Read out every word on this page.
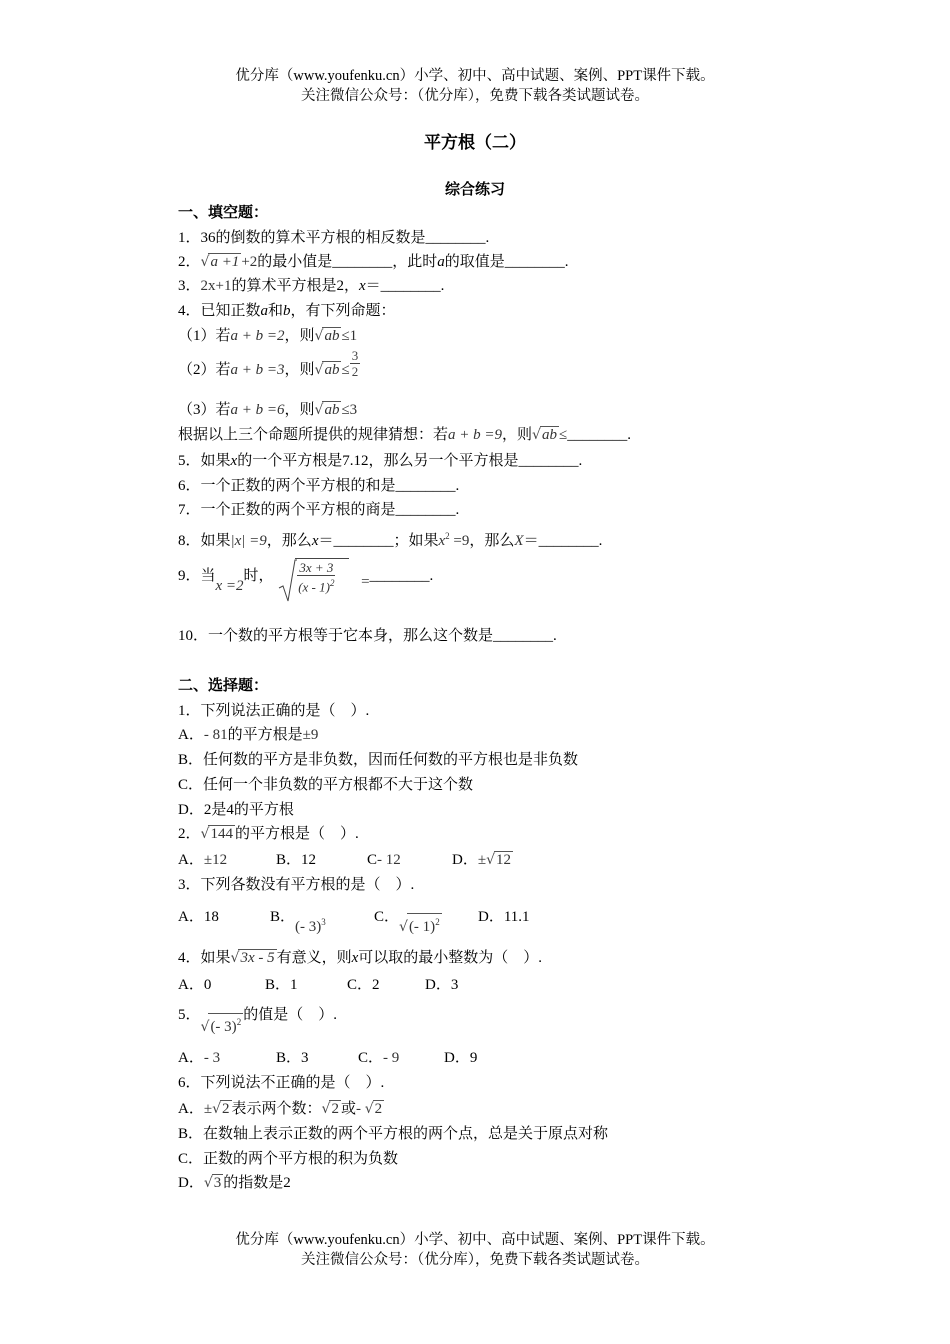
优分库（www.youfenku.cn）小学、初中、高中试题、案例、PPT课件下载。
关注微信公众号：（优分库），免费下载各类试题试卷。
平方根（二）
综合练习
一、填空题：
1．36的倒数的算术平方根的相反数是________.
2．√a +1 +2的最小值是________，此时a的取值是________.
3．2x+1的算术平方根是2，x＝________.
4．已知正数a和b，有下列命题：
（1）若a + b =2，则√ab ≤1
（2）若a + b =3，则$√ab \le \frac{3}{2}$
（3）若a + b =6，则√ab ≤3
根据以上三个命题所提供的规律猜想：若a + b =9，则√ab ≤________.
5．如果x的一个平方根是7.12，那么另一个平方根是________.
6．一个正数的两个平方根的和是________.
7．一个正数的两个平方根的商是________.
8．如果|x| =9，那么x＝________；如果$x^2 =9$，那么X＝________.
9．当x =2时， $\frac{3x + 3}{(x - 1)^2}$ =________.
10．一个数的平方根等于它本身，那么这个数是________.
二、选择题：
1．下列说法正确的是（　）.
A．- 81的平方根是±9
B．任何数的平方是非负数，因而任何数的平方根也是非负数
C．任何一个非负数的平方根都不大于这个数
D．2是4的平方根
2．√144 的平方根是（　）.
A．±12	B．12	C- 12	D．±√12
3．下列各数没有平方根的是（　）.
A．18	B．(- 3)$^3$	C．√(- 1)$^2$	D．11.1
4．如果√3x - 5 有意义，则x可以取的最小整数为（　）.
A．0	B．1	C．2	D．3
5．√(- 3)$^2$ 的值是（　）.
A．- 3	B．3	C．- 9	D．9
6．下列说法不正确的是（　）.
A．±√2 表示两个数：√2 或- √2
B．在数轴上表示正数的两个平方根的两个点，总是关于原点对称
C．正数的两个平方根的积为负数
D．√3 的指数是2
优分库（www.youfenku.cn）小学、初中、高中试题、案例、PPT课件下载。
关注微信公众号：（优分库），免费下载各类试题试卷。
